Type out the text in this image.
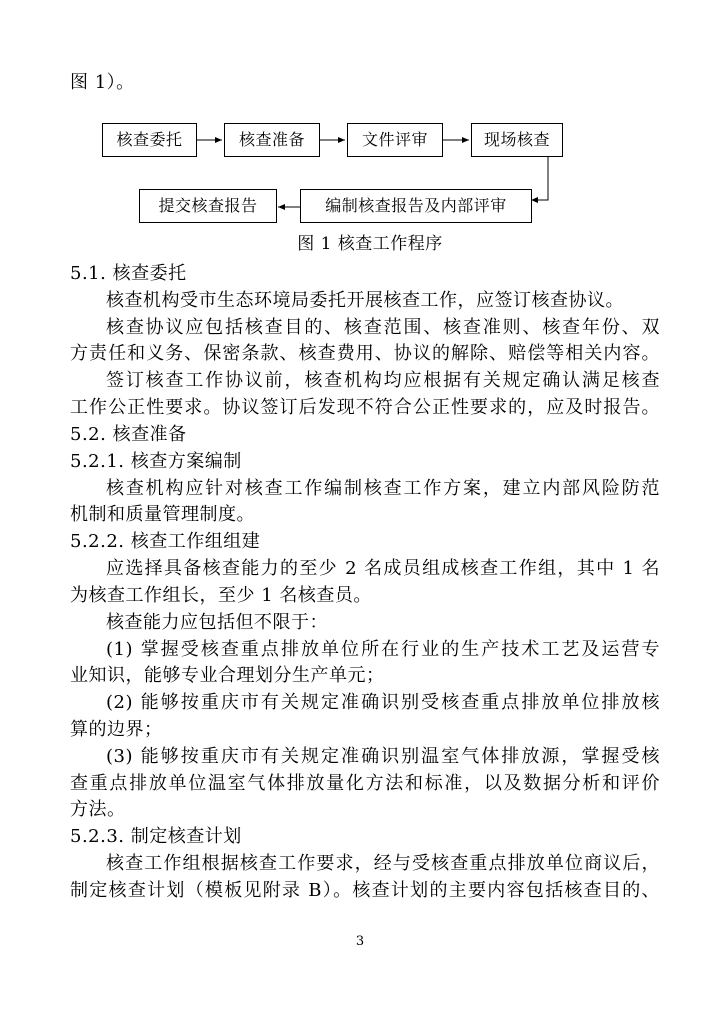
图 1）。
核查委托	核查准备	文件评审	现场核查
编制核查报告及内部评审
提交核查报告
图 1 核查工作程序
5.1. 核查委托
核查机构受市生态环境局委托开展核查工作，应签订核查协议。
核查协议应包括核查目的、核查范围、核查准则、核查年份、双
方责任和义务、保密条款、核查费用、协议的解除、赔偿等相关内容。
签订核查工作协议前，核查机构均应根据有关规定确认满足核查
工作公正性要求。协议签订后发现不符合公正性要求的，应及时报告。
5.2. 核查准备
5.2.1. 核查方案编制
核查机构应针对核查工作编制核查工作方案，建立内部风险防范
机制和质量管理制度。
5.2.2. 核查工作组组建
应选择具备核查能力的至少 2 名成员组成核查工作组，其中 1 名
为核查工作组长，至少 1 名核查员。
核查能力应包括但不限于：
(1) 掌握受核查重点排放单位所在行业的生产技术工艺及运营专
业知识，能够专业合理划分生产单元；
(2) 能够按重庆市有关规定准确识别受核查重点排放单位排放核
算的边界；
(3) 能够按重庆市有关规定准确识别温室气体排放源，掌握受核
查重点排放单位温室气体排放量化方法和标准，以及数据分析和评价
方法。
5.2.3. 制定核查计划
核查工作组根据核查工作要求，经与受核查重点排放单位商议后，
制定核查计划（模板见附录 B）。核查计划的主要内容包括核查目的、
3
